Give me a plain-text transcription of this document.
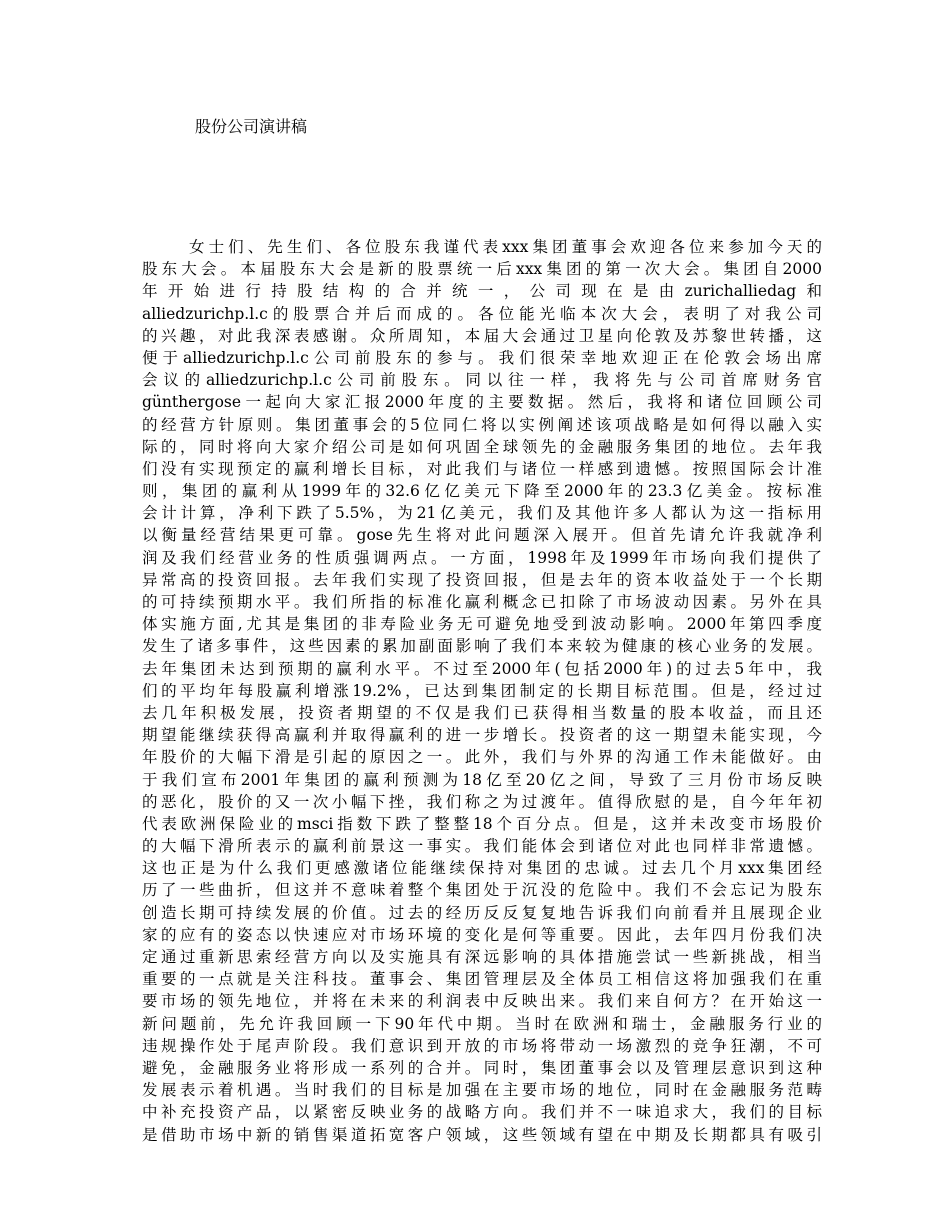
股份公司演讲稿
女士们、先生们、各位股东我谨代表xxx集团董事会欢迎各位来参加今天的
股东大会。本届股东大会是新的股票统一后xxx集团的第一次大会。集团自2000
年开始进行持股结构的合并统一，公司现在是由zurichalliedag和
alliedzurichp.l.c的股票合并后而成的。各位能光临本次大会，表明了对我公司
的兴趣，对此我深表感谢。众所周知，本届大会通过卫星向伦敦及苏黎世转播，这
便于alliedzurichp.l.c公司前股东的参与。我们很荣幸地欢迎正在伦敦会场出席
会议的alliedzurichp.l.c公司前股东。同以往一样，我将先与公司首席财务官
günthergose一起向大家汇报2000年度的主要数据。然后，我将和诸位回顾公司
的经营方针原则。集团董事会的5位同仁将以实例阐述该项战略是如何得以融入实
际的，同时将向大家介绍公司是如何巩固全球领先的金融服务集团的地位。去年我
们没有实现预定的赢利增长目标，对此我们与诸位一样感到遗憾。按照国际会计准
则，集团的赢利从1999年的32.6亿亿美元下降至2000年的23.3亿美金。按标准
会计计算，净利下跌了5.5%，为21亿美元，我们及其他许多人都认为这一指标用
以衡量经营结果更可靠。gose先生将对此问题深入展开。但首先请允许我就净利
润及我们经营业务的性质强调两点。一方面，1998年及1999年市场向我们提供了
异常高的投资回报。去年我们实现了投资回报，但是去年的资本收益处于一个长期
的可持续预期水平。我们所指的标准化赢利概念已扣除了市场波动因素。另外在具
体实施方面,尤其是集团的非寿险业务无可避免地受到波动影响。2000年第四季度
发生了诸多事件，这些因素的累加副面影响了我们本来较为健康的核心业务的发展。
去年集团未达到预期的赢利水平。不过至2000年(包括2000年)的过去5年中，我
们的平均年每股赢利增涨19.2%，已达到集团制定的长期目标范围。但是，经过过
去几年积极发展，投资者期望的不仅是我们已获得相当数量的股本收益，而且还
期望能继续获得高赢利并取得赢利的进一步增长。投资者的这一期望未能实现，今
年股价的大幅下滑是引起的原因之一。此外，我们与外界的沟通工作未能做好。由
于我们宣布2001年集团的赢利预测为18亿至20亿之间，导致了三月份市场反映
的恶化，股价的又一次小幅下挫，我们称之为过渡年。值得欣慰的是，自今年年初
代表欧洲保险业的msci指数下跌了整整18个百分点。但是，这并未改变市场股价
的大幅下滑所表示的赢利前景这一事实。我们能体会到诸位对此也同样非常遗憾。
这也正是为什么我们更感激诸位能继续保持对集团的忠诚。过去几个月xxx集团经
历了一些曲折，但这并不意味着整个集团处于沉没的危险中。我们不会忘记为股东
创造长期可持续发展的价值。过去的经历反反复复地告诉我们向前看并且展现企业
家的应有的姿态以快速应对市场环境的变化是何等重要。因此，去年四月份我们决
定通过重新思索经营方向以及实施具有深远影响的具体措施尝试一些新挑战，相当
重要的一点就是关注科技。董事会、集团管理层及全体员工相信这将加强我们在重
要市场的领先地位，并将在未来的利润表中反映出来。我们来自何方？在开始这一
新问题前，先允许我回顾一下90年代中期。当时在欧洲和瑞士，金融服务行业的
违规操作处于尾声阶段。我们意识到开放的市场将带动一场激烈的竞争狂潮，不可
避免，金融服务业将形成一系列的合并。同时，集团董事会以及管理层意识到这种
发展表示着机遇。当时我们的目标是加强在主要市场的地位，同时在金融服务范畴
中补充投资产品，以紧密反映业务的战略方向。我们并不一味追求大，我们的目标
是借助市场中新的销售渠道拓宽客户领域，这些领域有望在中期及长期都具有吸引
